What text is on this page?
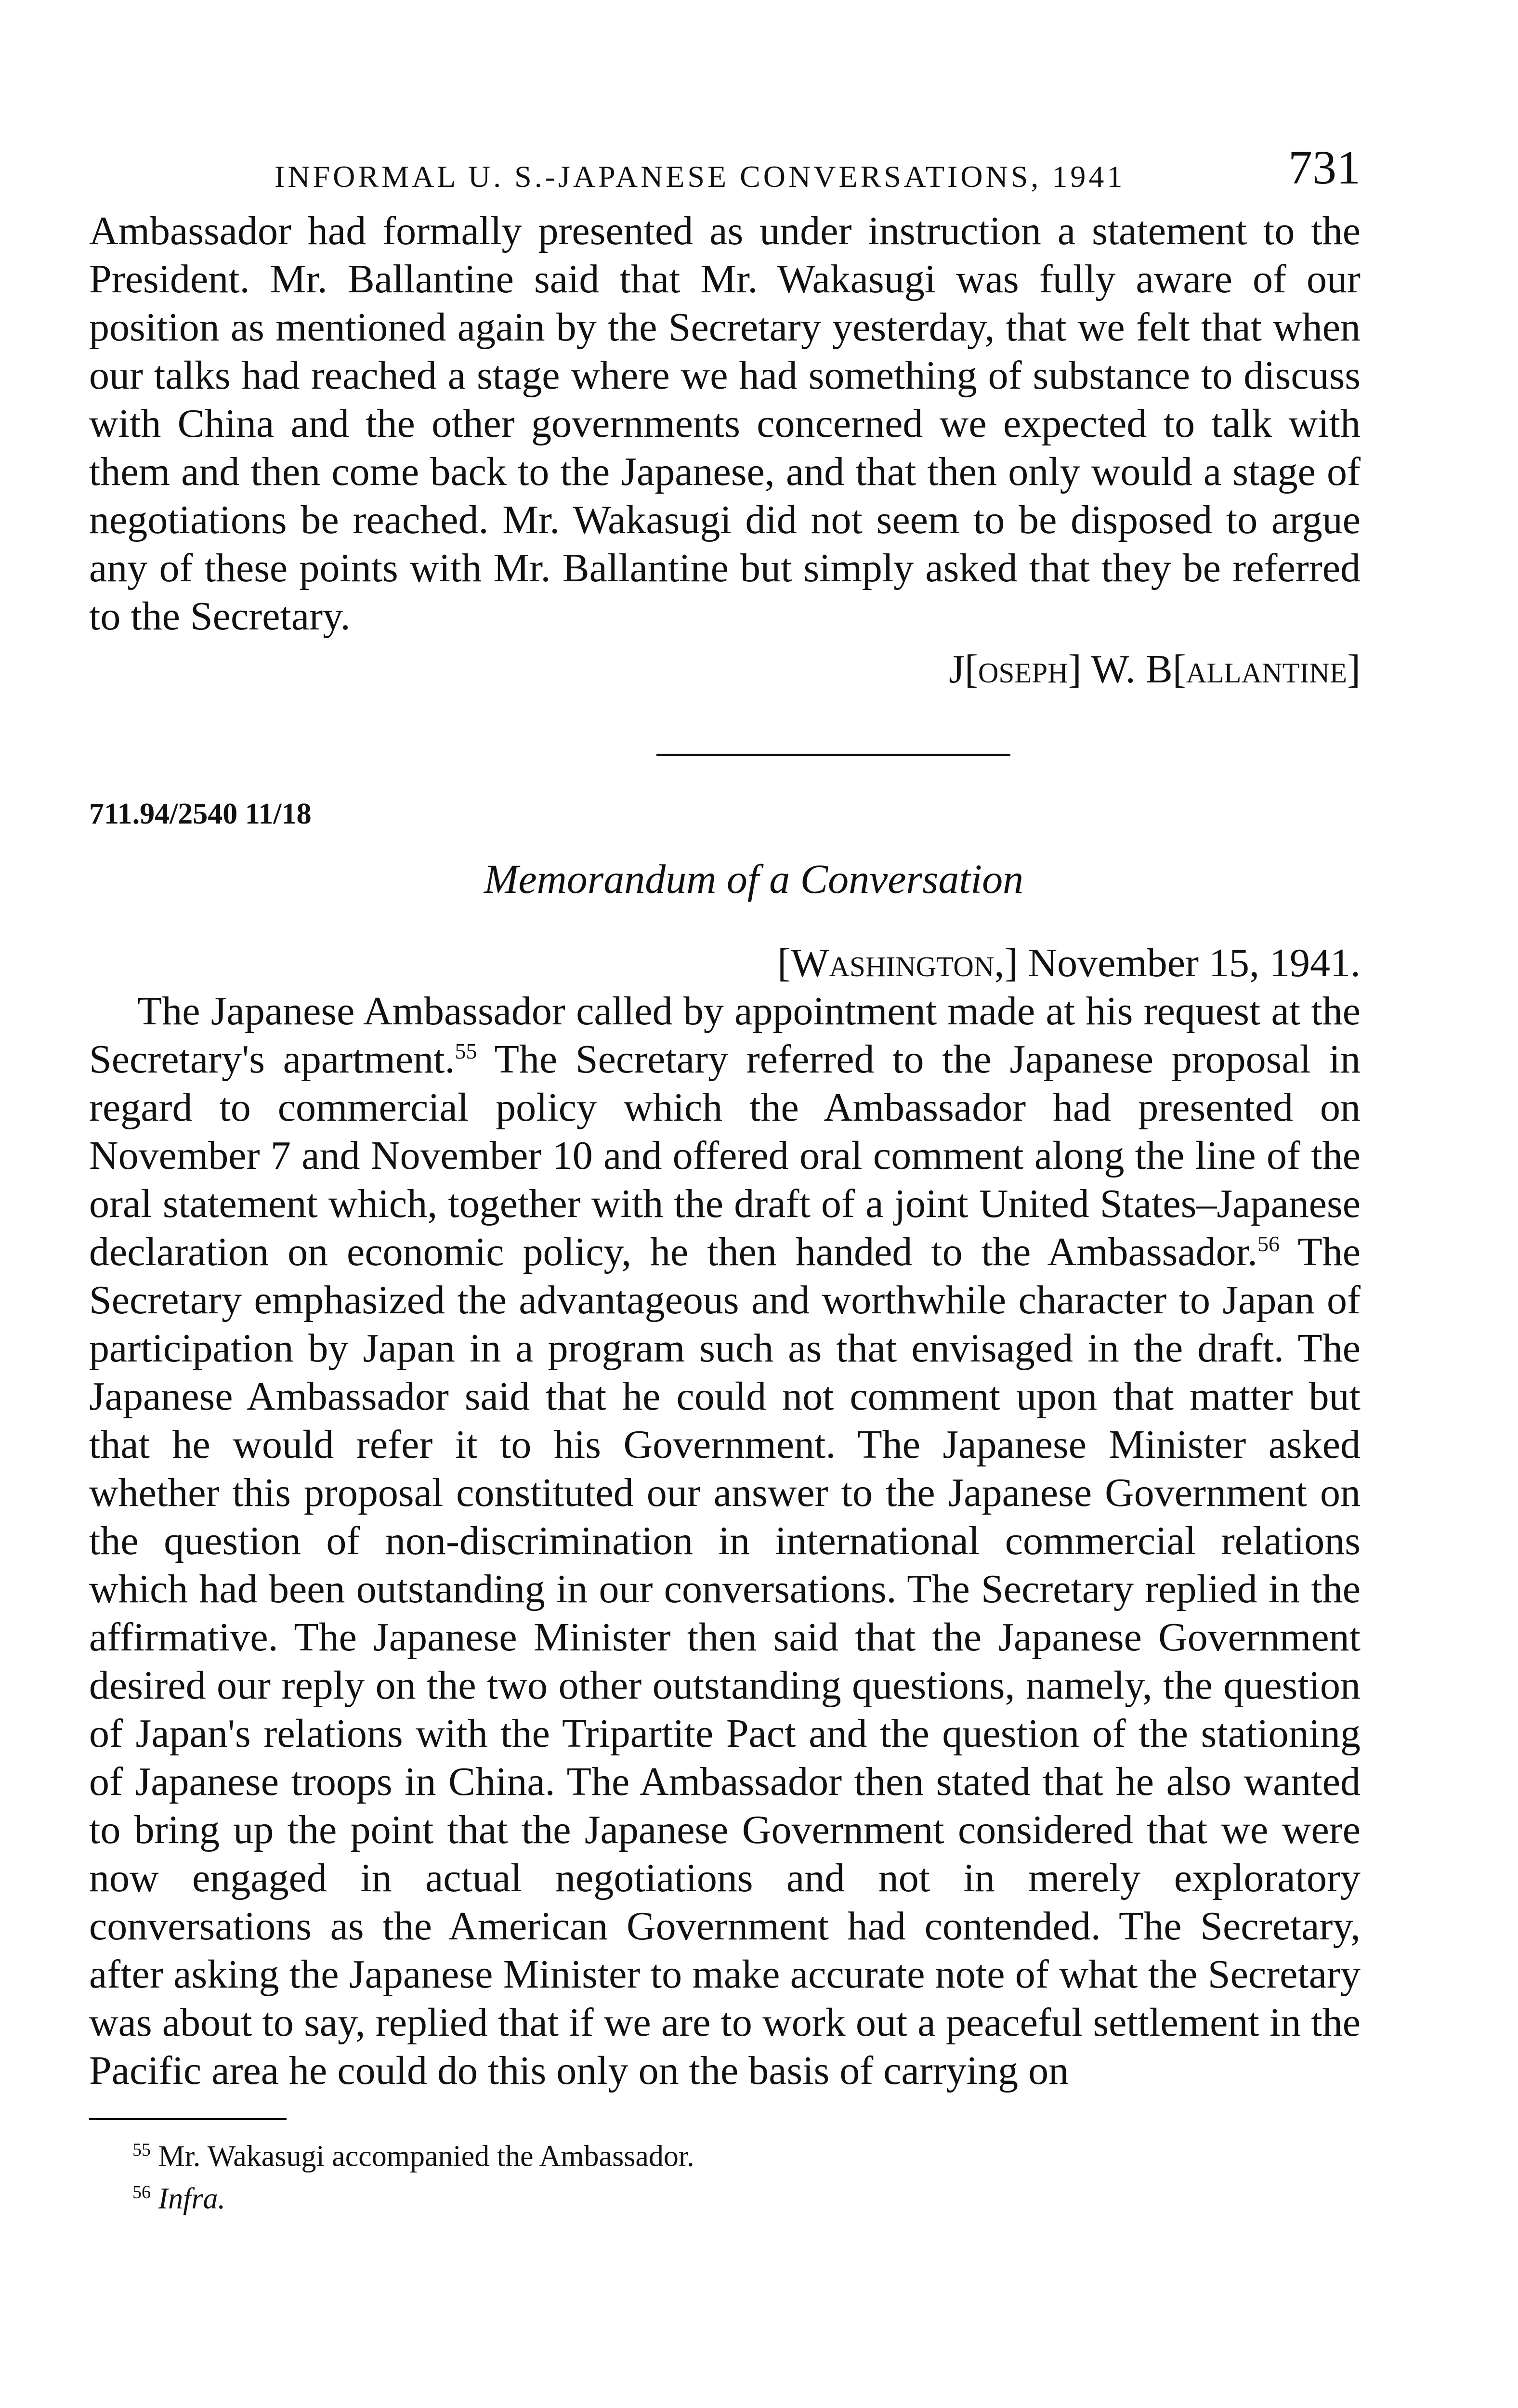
INFORMAL U. S.-JAPANESE CONVERSATIONS, 1941	731

Ambassador had formally presented as under instruction a statement to the President. Mr. Ballantine said that Mr. Wakasugi was fully aware of our position as mentioned again by the Secretary yesterday, that we felt that when our talks had reached a stage where we had something of substance to discuss with China and the other governments concerned we expected to talk with them and then come back to the Japanese, and that then only would a stage of negotiations be reached. Mr. Wakasugi did not seem to be disposed to argue any of these points with Mr. Ballantine but simply asked that they be referred to the Secretary.

J[oseph] W. B[allantine]
711.94/2540 11/18
Memorandum of a Conversation
[Washington,] November 15, 1941.

The Japanese Ambassador called by appointment made at his request at the Secretary's apartment.$^{55}$ The Secretary referred to the Japanese proposal in regard to commercial policy which the Ambassador had presented on November 7 and November 10 and offered oral comment along the line of the oral statement which, together with the draft of a joint United States–Japanese declaration on economic policy, he then handed to the Ambassador.$^{56}$ The Secretary emphasized the advantageous and worthwhile character to Japan of participation by Japan in a program such as that envisaged in the draft. The Japanese Ambassador said that he could not comment upon that matter but that he would refer it to his Government. The Japanese Minister asked whether this proposal constituted our answer to the Japanese Government on the question of non-discrimination in international commercial relations which had been outstanding in our conversations. The Secretary replied in the affirmative. The Japanese Minister then said that the Japanese Government desired our reply on the two other outstanding questions, namely, the question of Japan's relations with the Tripartite Pact and the question of the stationing of Japanese troops in China. The Ambassador then stated that he also wanted to bring up the point that the Japanese Government considered that we were now engaged in actual negotiations and not in merely exploratory conversations as the American Government had contended. The Secretary, after asking the Japanese Minister to make accurate note of what the Secretary was about to say, replied that if we are to work out a peaceful settlement in the Pacific area he could do this only on the basis of carrying on

$^{55}$ Mr. Wakasugi accompanied the Ambassador.
$^{56}$ Infra.
